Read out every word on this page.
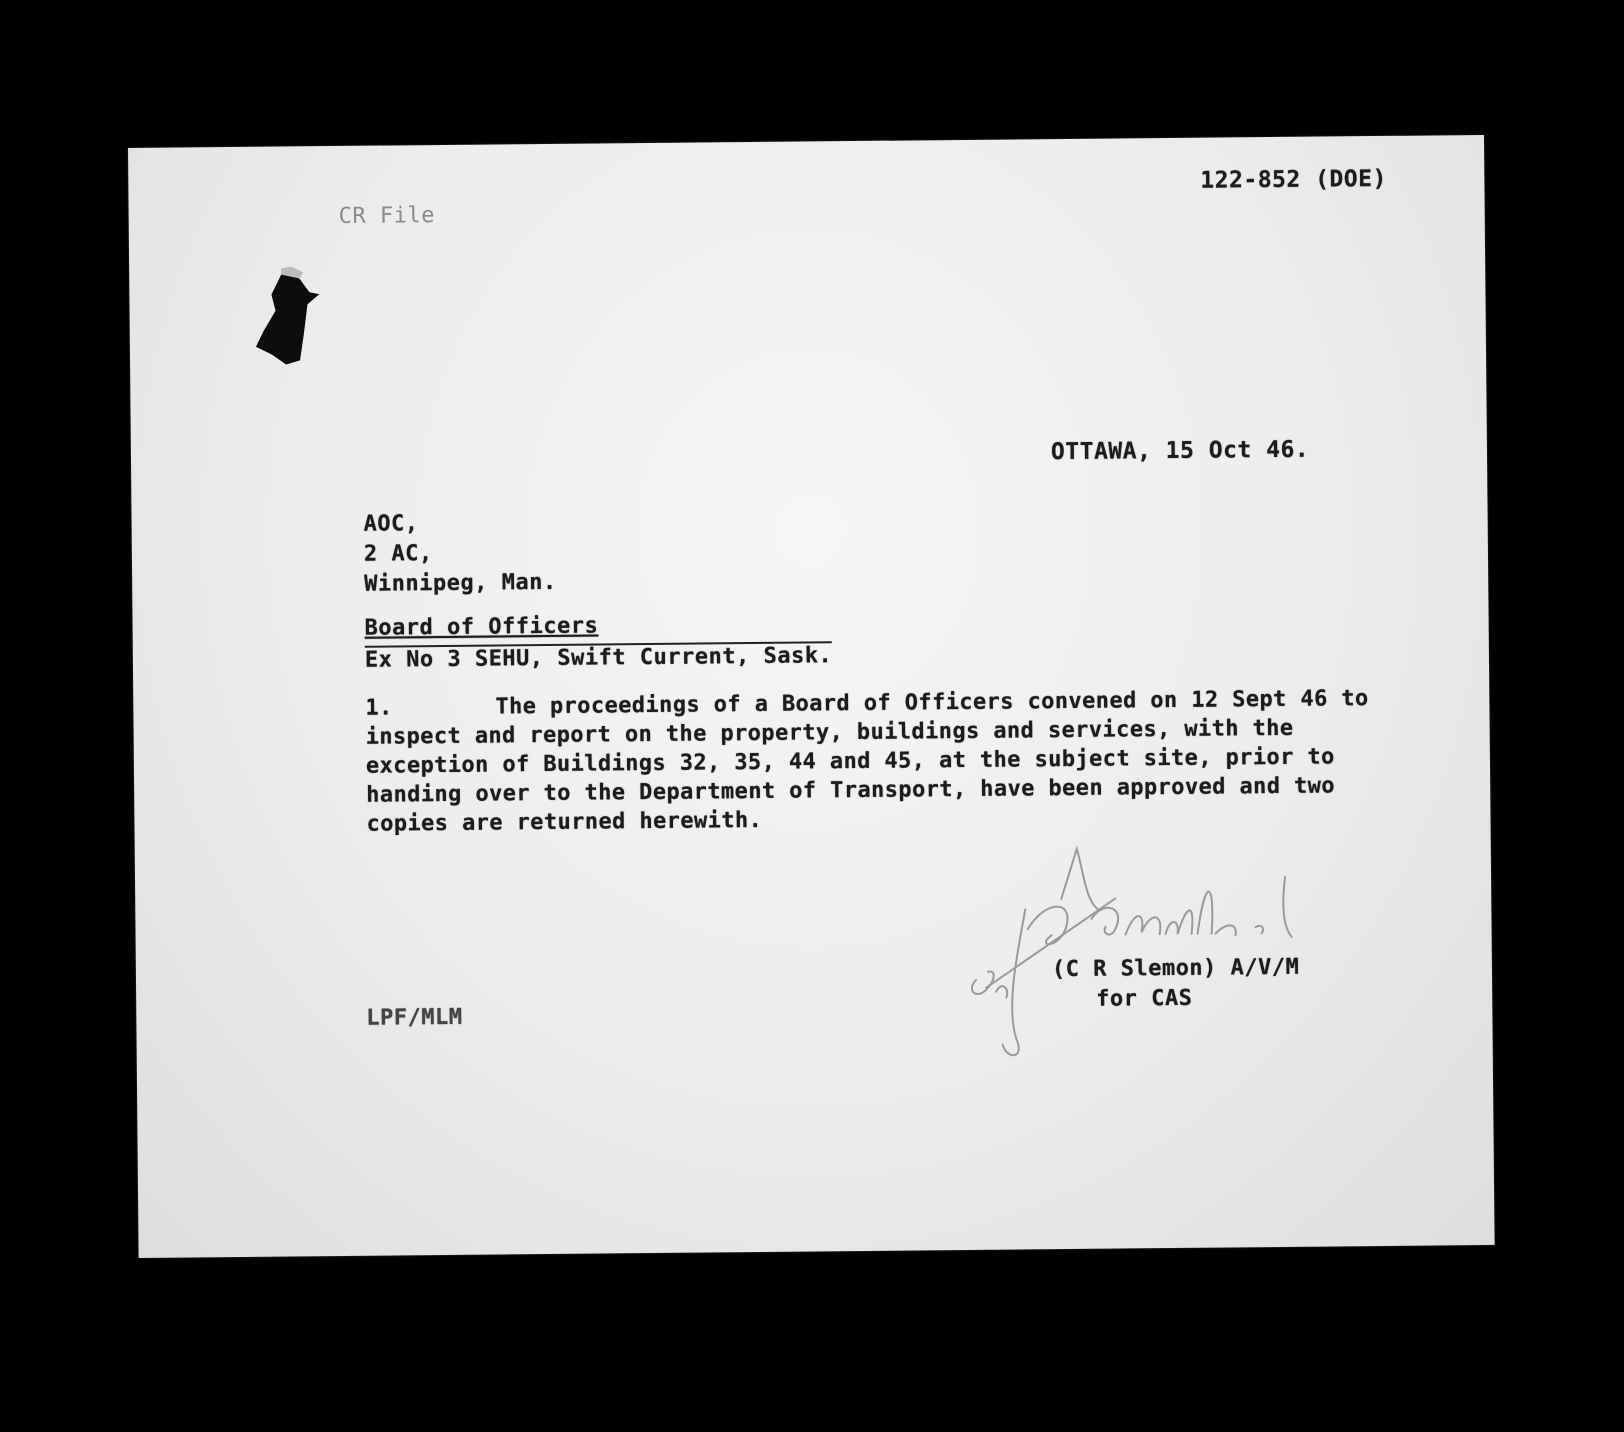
122-852 (DOE)
CR File
OTTAWA, 15 Oct 46.
AOC,
2 AC,
Winnipeg, Man.
Board of Officers
Ex No 3 SEHU, Swift Current, Sask.
1.	The proceedings of a Board of Officers convened on 12 Sept 46 to inspect and report on the property, buildings and services, with the exception of Buildings 32, 35, 44 and 45, at the subject site, prior to handing over to the Department of Transport, have been approved and two copies are returned herewith.
(C R Slemon) A/V/M
for CAS
LPF/MLM
